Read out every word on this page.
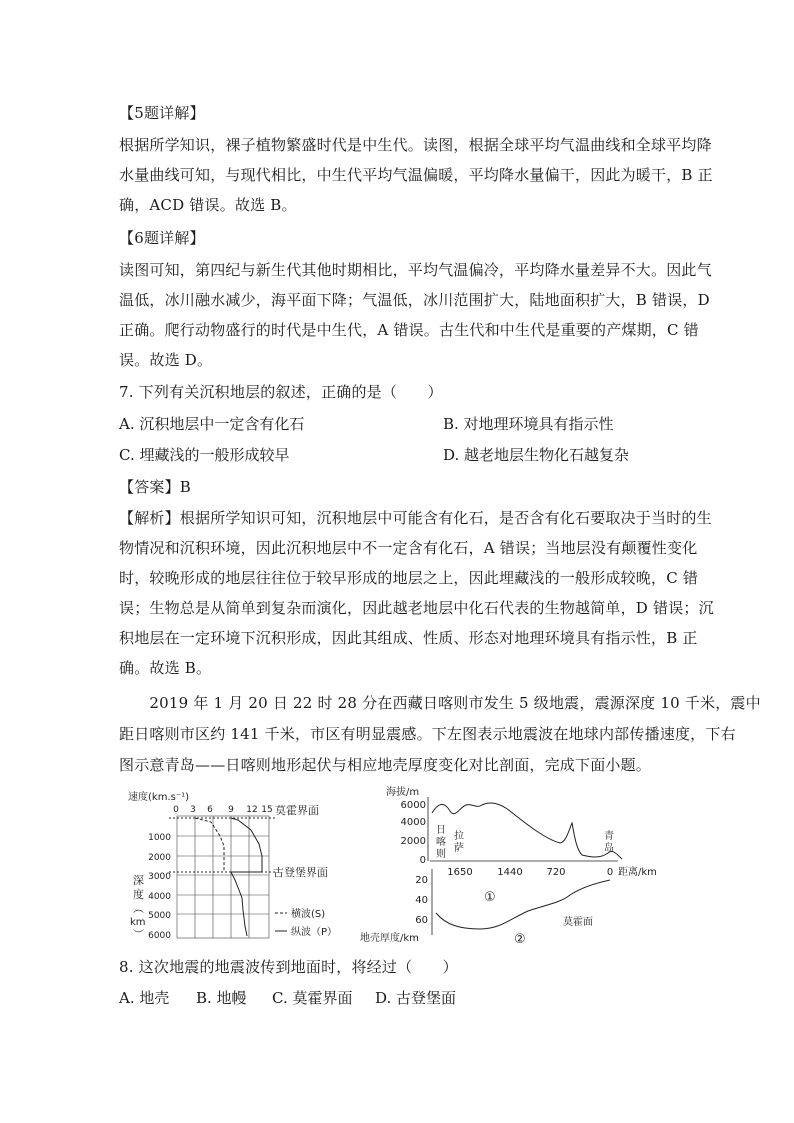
【5题详解】
根据所学知识，裸子植物繁盛时代是中生代。读图，根据全球平均气温曲线和全球平均降
水量曲线可知，与现代相比，中生代平均气温偏暖，平均降水量偏干，因此为暖干，B 正
确，ACD 错误。故选 B。
【6题详解】
读图可知，第四纪与新生代其他时期相比，平均气温偏冷，平均降水量差异不大。因此气
温低，冰川融水减少，海平面下降；气温低，冰川范围扩大，陆地面积扩大，B 错误，D
正确。爬行动物盛行的时代是中生代，A 错误。古生代和中生代是重要的产煤期，C 错
误。故选 D。
7. 下列有关沉积地层的叙述，正确的是（　　）
A. 沉积地层中一定含有化石	B. 对地理环境具有指示性
C. 埋藏浅的一般形成较早	D. 越老地层生物化石越复杂
【答案】B
【解析】根据所学知识可知，沉积地层中可能含有化石，是否含有化石要取决于当时的生
物情况和沉积环境，因此沉积地层中不一定含有化石，A 错误；当地层没有颠覆性变化
时，较晚形成的地层往往位于较早形成的地层之上，因此埋藏浅的一般形成较晚，C 错
误；生物总是从简单到复杂而演化，因此越老地层中化石代表的生物越简单，D 错误；沉
积地层在一定环境下沉积形成，因此其组成、性质、形态对地理环境具有指示性，B 正
确。故选 B。
　　2019 年 1 月 20 日 22 时 28 分在西藏日喀则市发生 5 级地震，震源深度 10 千米，震中
距日喀则市区约 141 千米，市区有明显震感。下左图表示地震波在地球内部传播速度，下右
图示意青岛——日喀则地形起伏与相应地壳厚度变化对比剖面，完成下面小题。
速度(km.s⁻¹)
0 3 6 9 12 15
1000
2000
3000
4000
5000
6000
深
度
︵
km
︶
莫霍界面
古登堡界面
横波(S)
纵波（P）
海拔/m
6000
4000
2000
0
日
喀
则
拉
萨
青
岛
1650 1440 720	0 距离/km
20
40
60
地壳厚度/km
①
②
莫霍面
8. 这次地震的地震波传到地面时，将经过（　　）
A. 地壳 B. 地幔 C. 莫霍界面 D. 古登堡面
